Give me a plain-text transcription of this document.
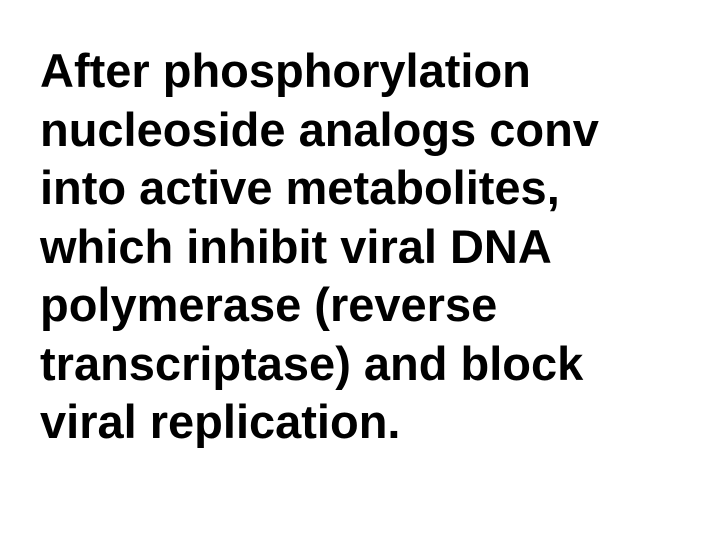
After phosphorylation
nucleoside analogs conv
into active metabolites,
which inhibit viral DNA
polymerase (reverse
transcriptase) and block
viral replication.
